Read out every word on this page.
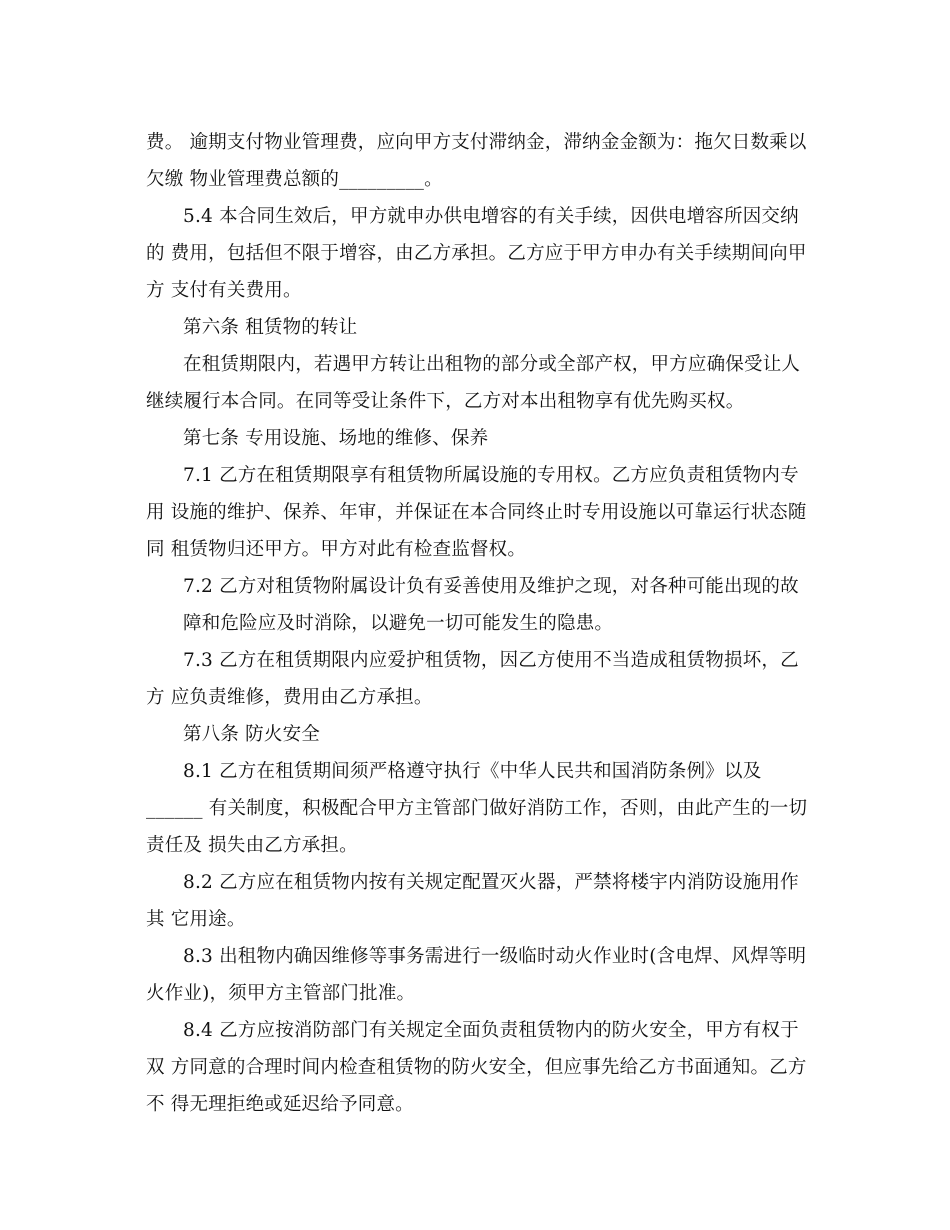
费。 逾期支付物业管理费，应向甲方支付滞纳金，滞纳金金额为：拖欠日数乘以
欠缴 物业管理费总额的_________。
5.4 本合同生效后，甲方就申办供电增容的有关手续，因供电增容所因交纳
的 费用，包括但不限于增容，由乙方承担。乙方应于甲方申办有关手续期间向甲
方 支付有关费用。
第六条 租赁物的转让
在租赁期限内，若遇甲方转让出租物的部分或全部产权，甲方应确保受让人
继续履行本合同。在同等受让条件下，乙方对本出租物享有优先购买权。
第七条 专用设施、场地的维修、保养
7.1 乙方在租赁期限享有租赁物所属设施的专用权。乙方应负责租赁物内专
用 设施的维护、保养、年审，并保证在本合同终止时专用设施以可靠运行状态随
同 租赁物归还甲方。甲方对此有检查监督权。
7.2 乙方对租赁物附属设计负有妥善使用及维护之现，对各种可能出现的故
障和危险应及时消除，以避免一切可能发生的隐患。
7.3 乙方在租赁期限内应爱护租赁物，因乙方使用不当造成租赁物损坏，乙
方 应负责维修，费用由乙方承担。
第八条 防火安全
8.1 乙方在租赁期间须严格遵守执行《中华人民共和国消防条例》以及
______ 有关制度，积极配合甲方主管部门做好消防工作，否则，由此产生的一切
责任及 损失由乙方承担。
8.2 乙方应在租赁物内按有关规定配置灭火器，严禁将楼宇内消防设施用作
其 它用途。
8.3 出租物内确因维修等事务需进行一级临时动火作业时(含电焊、风焊等明
火作业)，须甲方主管部门批准。
8.4 乙方应按消防部门有关规定全面负责租赁物内的防火安全，甲方有权于
双 方同意的合理时间内检查租赁物的防火安全，但应事先给乙方书面通知。乙方
不 得无理拒绝或延迟给予同意。
